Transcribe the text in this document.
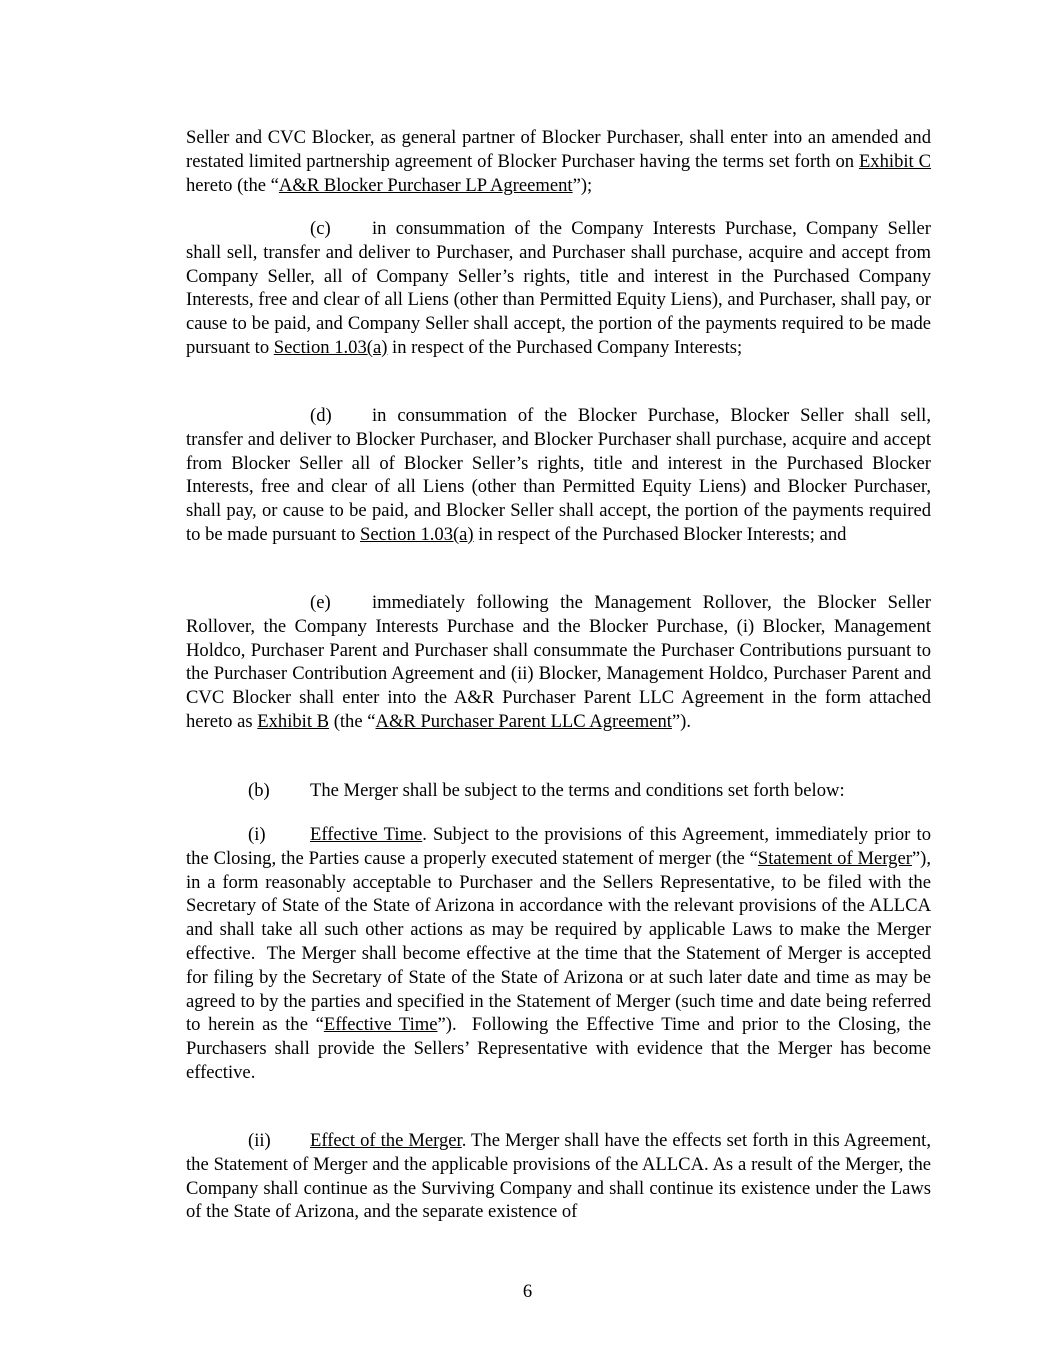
Seller and CVC Blocker, as general partner of Blocker Purchaser, shall enter into an amended and restated limited partnership agreement of Blocker Purchaser having the terms set forth on Exhibit C hereto (the “A&R Blocker Purchaser LP Agreement”);

(c) in consummation of the Company Interests Purchase, Company Seller shall sell, transfer and deliver to Purchaser, and Purchaser shall purchase, acquire and accept from Company Seller, all of Company Seller’s rights, title and interest in the Purchased Company Interests, free and clear of all Liens (other than Permitted Equity Liens), and Purchaser, shall pay, or cause to be paid, and Company Seller shall accept, the portion of the payments required to be made pursuant to Section 1.03(a) in respect of the Purchased Company Interests;

(d) in consummation of the Blocker Purchase, Blocker Seller shall sell, transfer and deliver to Blocker Purchaser, and Blocker Purchaser shall purchase, acquire and accept from Blocker Seller all of Blocker Seller’s rights, title and interest in the Purchased Blocker Interests, free and clear of all Liens (other than Permitted Equity Liens) and Blocker Purchaser, shall pay, or cause to be paid, and Blocker Seller shall accept, the portion of the payments required to be made pursuant to Section 1.03(a) in respect of the Purchased Blocker Interests; and

(e) immediately following the Management Rollover, the Blocker Seller Rollover, the Company Interests Purchase and the Blocker Purchase, (i) Blocker, Management Holdco, Purchaser Parent and Purchaser shall consummate the Purchaser Contributions pursuant to the Purchaser Contribution Agreement and (ii) Blocker, Management Holdco, Purchaser Parent and CVC Blocker shall enter into the A&R Purchaser Parent LLC Agreement in the form attached hereto as Exhibit B (the “A&R Purchaser Parent LLC Agreement”).

(b) The Merger shall be subject to the terms and conditions set forth below:

(i) Effective Time. Subject to the provisions of this Agreement, immediately prior to the Closing, the Parties cause a properly executed statement of merger (the “Statement of Merger”), in a form reasonably acceptable to Purchaser and the Sellers Representative, to be filed with the Secretary of State of the State of Arizona in accordance with the relevant provisions of the ALLCA and shall take all such other actions as may be required by applicable Laws to make the Merger effective.  The Merger shall become effective at the time that the Statement of Merger is accepted for filing by the Secretary of State of the State of Arizona or at such later date and time as may be agreed to by the parties and specified in the Statement of Merger (such time and date being referred to herein as the “Effective Time”).  Following the Effective Time and prior to the Closing, the Purchasers shall provide the Sellers’ Representative with evidence that the Merger has become effective.

(ii) Effect of the Merger. The Merger shall have the effects set forth in this Agreement, the Statement of Merger and the applicable provisions of the ALLCA. As a result of the Merger, the Company shall continue as the Surviving Company and shall continue its existence under the Laws of the State of Arizona, and the separate existence of

6
